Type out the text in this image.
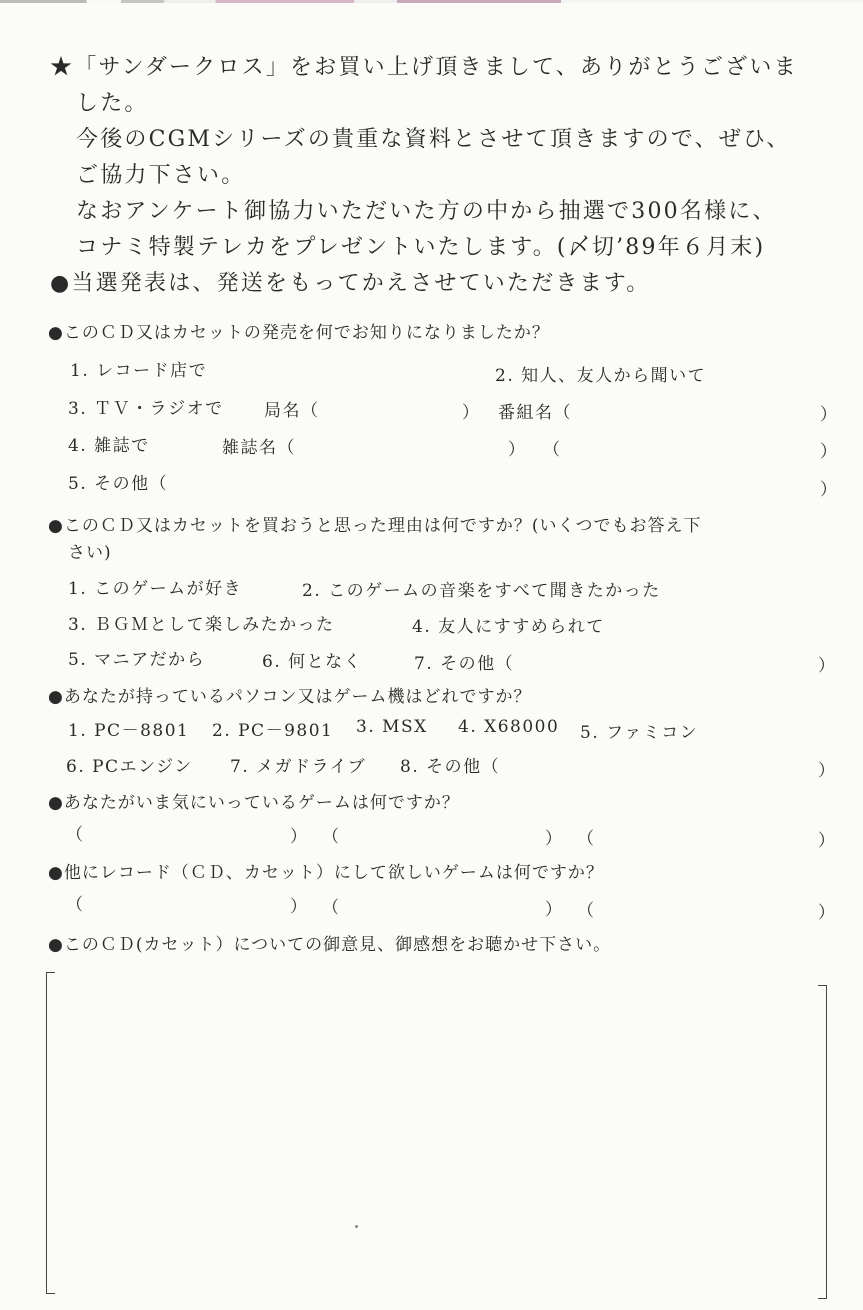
★「サンダークロス」をお買い上げ頂きまして、ありがとうございま
した。
今後のCGMシリーズの貴重な資料とさせて頂きますので、ぜひ、
ご協力下さい。
なおアンケート御協力いただいた方の中から抽選で300名様に、
コナミ特製テレカをプレゼントいたします。(〆切’89年６月末)
●当選発表は、発送をもってかえさせていただきます。
●このＣＤ又はカセットの発売を何でお知りになりましたか？
1. レコード店で	2. 知人、友人から聞いて
3. ＴＶ・ラジオで 局名（	） 番組名（	）
4. 雑誌で	雑誌名（	） （	）
5. その他（	）
●このＣＤ又はカセットを買おうと思った理由は何ですか？(いくつでもお答え下
さい)
1. このゲームが好き	2. このゲームの音楽をすべて聞きたかった
3. ＢＧＭとして楽しみたかった	4. 友人にすすめられて
5. マニアだから	6. 何となく	7. その他（	）
●あなたが持っているパソコン又はゲーム機はどれですか？
1. PC－8801 2. PC－9801 3. MSX 4. X68000 5. ファミコン
6. PCエンジン 7. メガドライブ 8. その他（	）
●あなたがいま気にいっているゲームは何ですか？
（	） （	） （	）
●他にレコード（ＣＤ、カセット）にして欲しいゲームは何ですか？
（	） （	） （	）
●このＣＤ(カセット）についての御意見、御感想をお聴かせ下さい。
